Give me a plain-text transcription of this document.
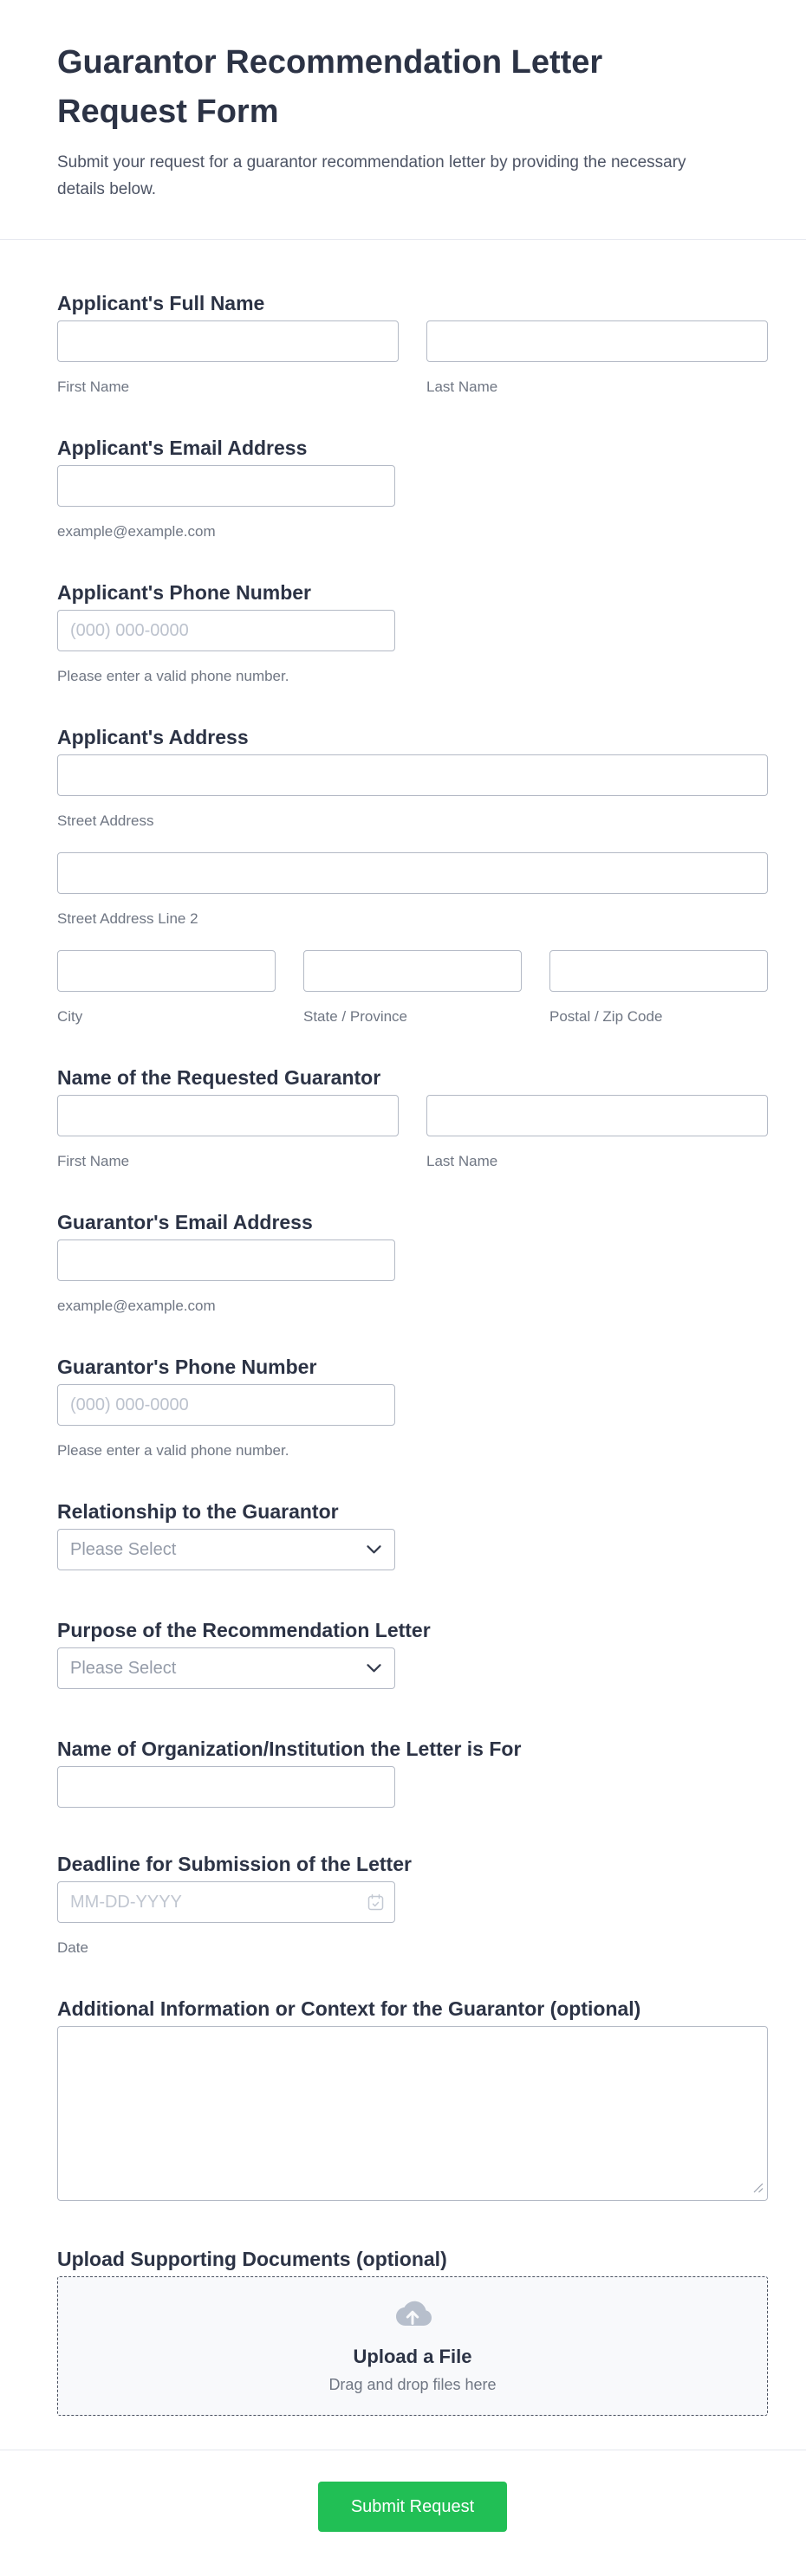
Guarantor Recommendation Letter Request Form

Submit your request for a guarantor recommendation letter by providing the necessary details below.

Applicant's Full Name
First Name	Last Name
Applicant's Email Address
example@example.com
Applicant's Phone Number
(000) 000-0000
Please enter a valid phone number.
Applicant's Address
Street Address
Street Address Line 2
City	State / Province	Postal / Zip Code
Name of the Requested Guarantor
First Name	Last Name
Guarantor's Email Address
example@example.com
Guarantor's Phone Number
(000) 000-0000
Please enter a valid phone number.
Relationship to the Guarantor
Please Select
Purpose of the Recommendation Letter
Please Select
Name of Organization/Institution the Letter is For
Deadline for Submission of the Letter
MM-DD-YYYY
Date
Additional Information or Context for the Guarantor (optional)
Upload Supporting Documents (optional)
Upload a File
Drag and drop files here
Submit Request
